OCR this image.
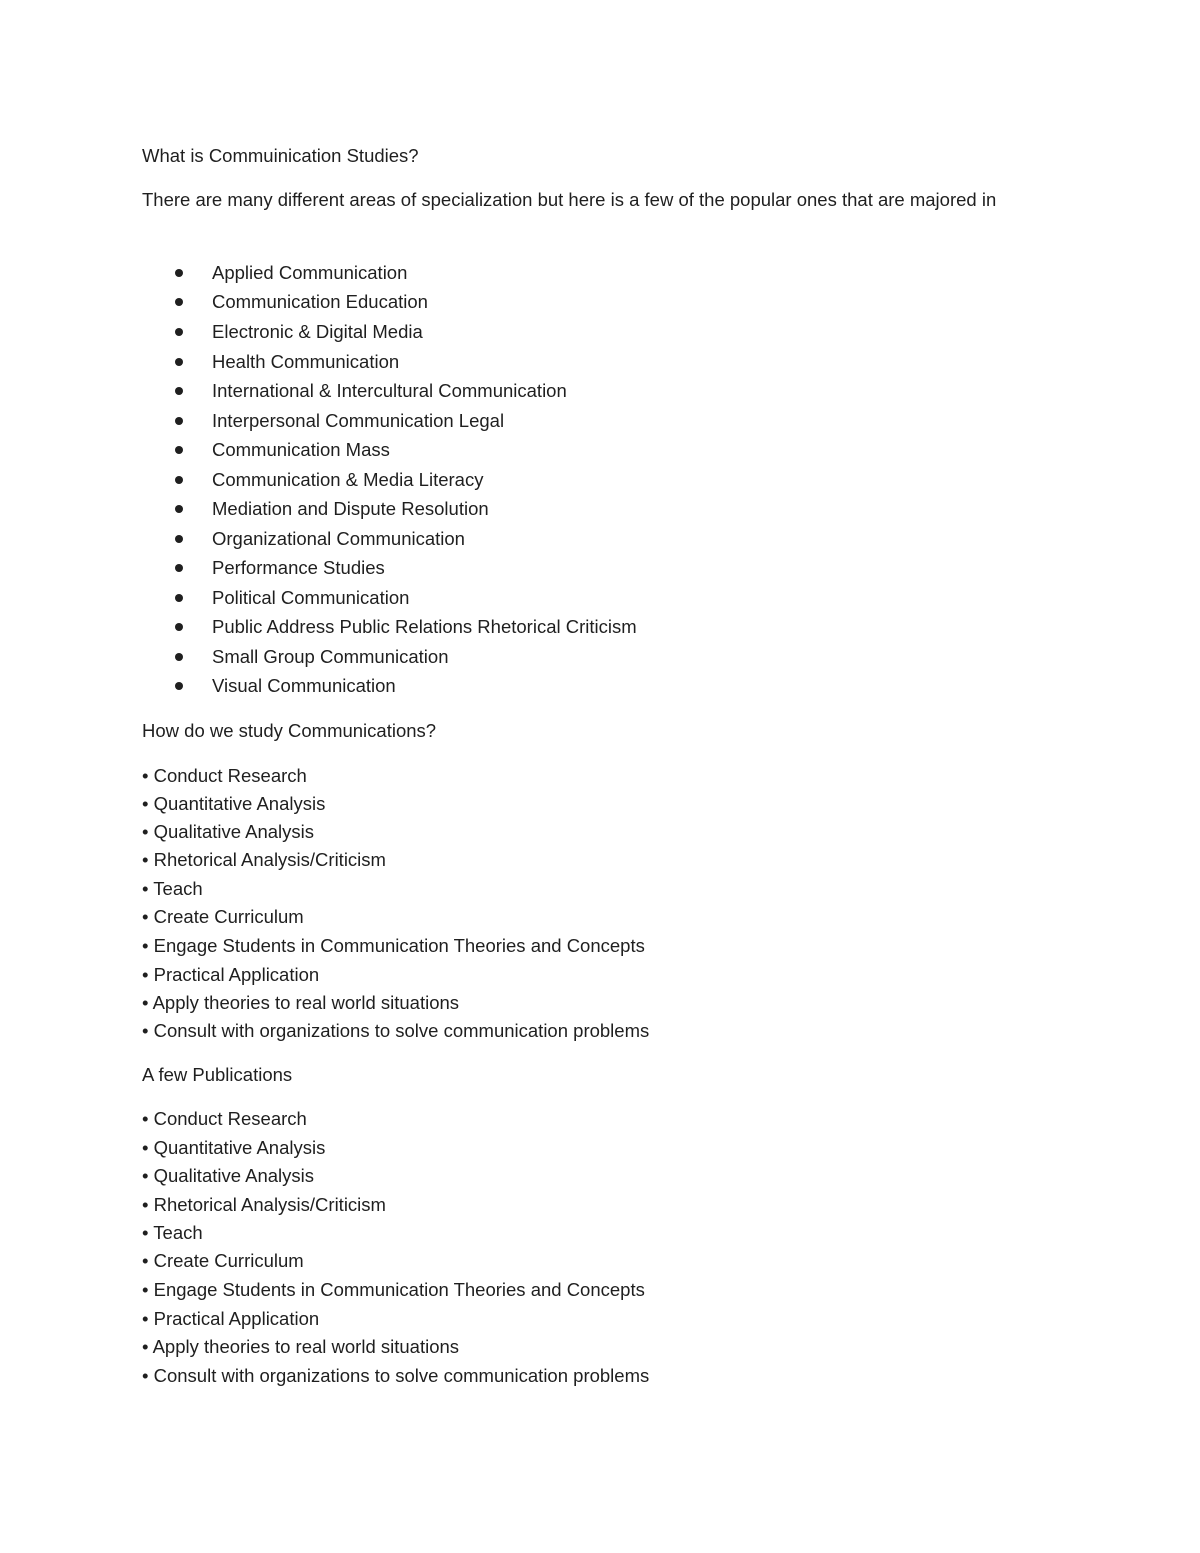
What is Commuinication Studies?
There are many different areas of specialization but here is a few of the popular ones that are majored in
Applied Communication
Communication Education
Electronic & Digital Media
Health Communication
International & Intercultural Communication
Interpersonal Communication Legal
Communication Mass
Communication & Media Literacy
Mediation and Dispute Resolution
Organizational Communication
Performance Studies
Political Communication
Public Address Public Relations Rhetorical Criticism
Small Group Communication
Visual Communication
How do we study Communications?
• Conduct Research
• Quantitative Analysis
• Qualitative Analysis
• Rhetorical Analysis/Criticism
• Teach
• Create Curriculum
• Engage Students in Communication Theories and Concepts
• Practical Application
• Apply theories to real world situations
• Consult with organizations to solve communication problems
A few Publications
• Conduct Research
• Quantitative Analysis
• Qualitative Analysis
• Rhetorical Analysis/Criticism
• Teach
• Create Curriculum
• Engage Students in Communication Theories and Concepts
• Practical Application
• Apply theories to real world situations
• Consult with organizations to solve communication problems
